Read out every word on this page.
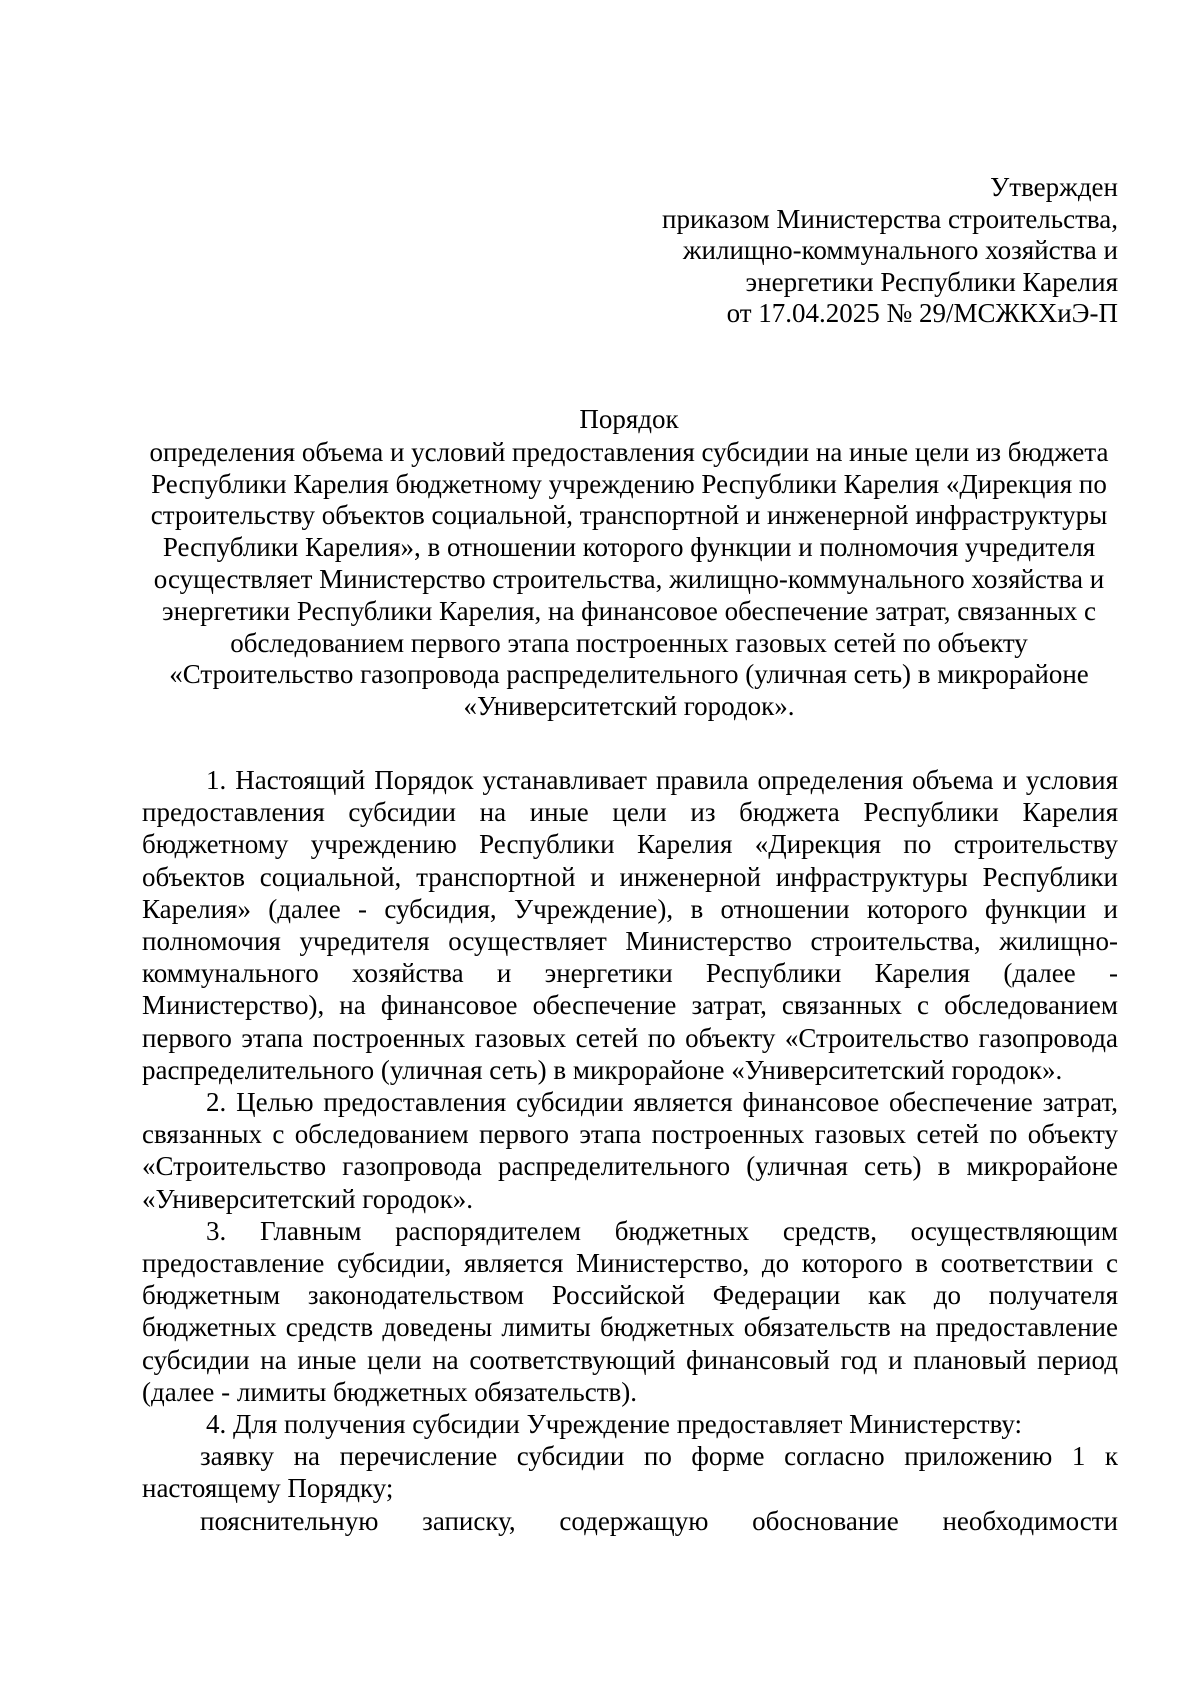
Утвержден
приказом Министерства строительства,
жилищно-коммунального хозяйства и
энергетики Республики Карелия
от 17.04.2025 № 29/МСЖКХиЭ-П
Порядок
определения объема и условий предоставления субсидии на иные цели из бюджета Республики Карелия бюджетному учреждению Республики Карелия «Дирекция по строительству объектов социальной, транспортной и инженерной инфраструктуры Республики Карелия», в отношении которого функции и полномочия учредителя осуществляет Министерство строительства, жилищно-коммунального хозяйства и энергетики Республики Карелия, на финансовое обеспечение затрат, связанных с обследованием первого этапа построенных газовых сетей по объекту «Строительство газопровода распределительного (уличная сеть) в микрорайоне «Университетский городок».

1. Настоящий Порядок устанавливает правила определения объема и условия предоставления субсидии на иные цели из бюджета Республики Карелия бюджетному учреждению Республики Карелия «Дирекция по строительству объектов социальной, транспортной и инженерной инфраструктуры Республики Карелия» (далее - субсидия, Учреждение), в отношении которого функции и полномочия учредителя осуществляет Министерство строительства, жилищно-коммунального хозяйства и энергетики Республики Карелия (далее - Министерство), на финансовое обеспечение затрат, связанных с обследованием первого этапа построенных газовых сетей по объекту «Строительство газопровода распределительного (уличная сеть) в микрорайоне «Университетский городок».

2. Целью предоставления субсидии является финансовое обеспечение затрат, связанных с обследованием первого этапа построенных газовых сетей по объекту «Строительство газопровода распределительного (уличная сеть) в микрорайоне «Университетский городок».

3. Главным распорядителем бюджетных средств, осуществляющим предоставление субсидии, является Министерство, до которого в соответствии с бюджетным законодательством Российской Федерации как до получателя бюджетных средств доведены лимиты бюджетных обязательств на предоставление субсидии на иные цели на соответствующий финансовый год и плановый период (далее - лимиты бюджетных обязательств).

4. Для получения субсидии Учреждение предоставляет Министерству:

заявку на перечисление субсидии по форме согласно приложению 1 к настоящему Порядку;

пояснительную записку, содержащую обоснование необходимости
